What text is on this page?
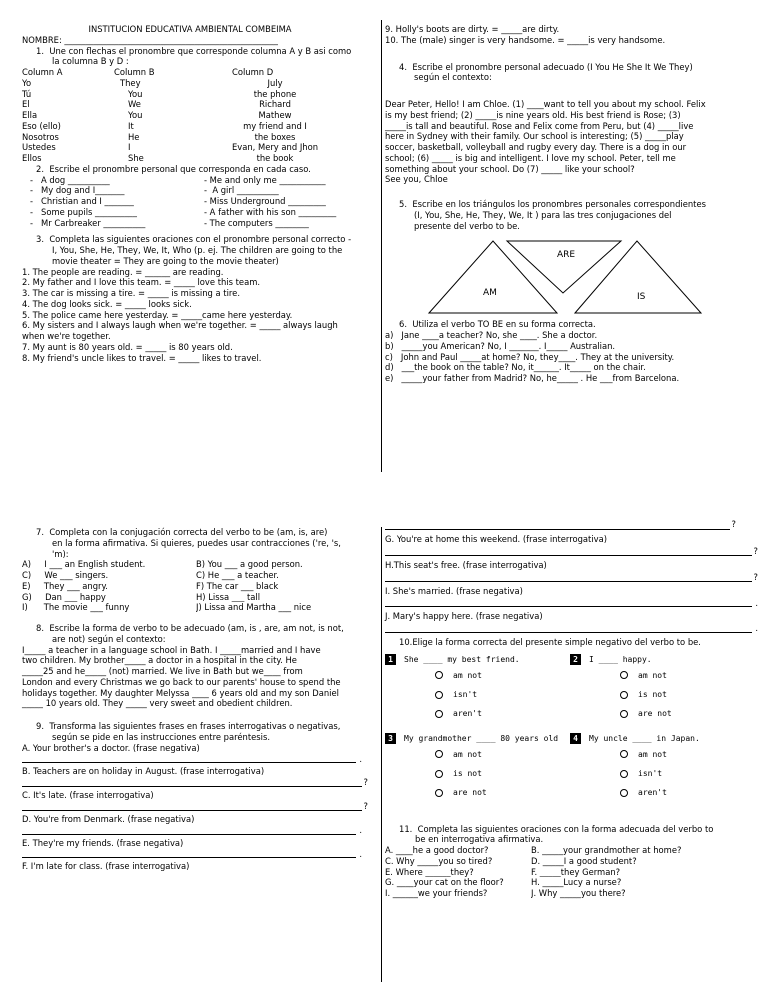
INSTITUCION EDUCATIVA AMBIENTAL COMBEIMA
NOMBRE: ___________________________________________________
1.  Une con flechas el pronombre que corresponde columna A y B asi como
la columna B y D :
Column A	Column B	Column D
Yo	They	July
Tú	You	the phone
El	We	Richard
Ella	You	Mathew
Eso (ello)	It	my friend and I
Nosotros	He	the boxes
Ustedes	I	Evan, Mery and Jhon
Ellos	She	the book
2.  Escribe el pronombre personal que corresponda en cada caso.
-   A dog __________	- Me and only me ___________
-   My dog and I_______	-  A girl __________
-   Christian and I _______	- Miss Underground _________
-   Some pupils __________	- A father with his son _________
-   Mr Carbreaker __________	- The computers ________
3.  Completa las siguientes oraciones con el pronombre personal correcto -
I, You, She, He, They, We, It, Who (p. ej. The children are going to the
movie theater = They are going to the movie theater)
1. The people are reading. = ______ are reading.
2. My father and I love this team. = _____ love this team.
3. The car is missing a tire. = _____ is missing a tire.
4. The dog looks sick. = _____ looks sick.
5. The police came here yesterday. = _____came here yesterday.
6. My sisters and I always laugh when we're together. = _____ always laugh
when we're together.
7. My aunt is 80 years old. = _____ is 80 years old.
8. My friend's uncle likes to travel. = _____ likes to travel.
9. Holly's boots are dirty. = _____are dirty.
10. The (male) singer is very handsome. = _____is very handsome.
4.  Escribe el pronombre personal adecuado (I You He She It We They)
según el contexto:
Dear Peter, Hello! I am Chloe. (1) ____want to tell you about my school. Felix
is my best friend; (2) _____is nine years old. His best friend is Rose; (3)
_____is tall and beautiful. Rose and Felix come from Peru, but (4) _____live
here in Sydney with their family. Our school is interesting; (5) _____play
soccer, basketball, volleyball and rugby every day. There is a dog in our
school; (6) _____ is big and intelligent. I love my school. Peter, tell me
something about your school. Do (7) _____ like your school?
See you, Chloe
5.  Escribe en los triángulos los pronombres personales correspondientes
(I, You, She, He, They, We, It ) para las tres conjugaciones del
presente del verbo to be.
AM
ARE
IS
6.  Utiliza el verbo TO BE en su forma correcta.
a)   Jane ____a teacher? No, she ____. She a doctor.
b)   _____you American? No, I _______. I_____ Australian.
c)   John and Paul _____at home? No, they____. They at the university.
d)   ___the book on the table? No, it______. It_____ on the chair.
e)   _____your father from Madrid? No, he_____ . He ___from Barcelona.
7.  Completa con la conjugación correcta del verbo to be (am, is, are)
en la forma afirmativa. Si quieres, puedes usar contracciones ('re, 's,
'm):
A)     I ___ an English student.	B) You ___ a good person.
C)     We ___ singers.	C) He ___ a teacher.
E)     They ___ angry.	F) The car ___ black
G)     Dan ___ happy	H) Lissa ___ tall
I)      The movie ___ funny	J) Lissa and Martha ___ nice
8.  Escribe la forma de verbo to be adecuado (am, is , are, am not, is not,
are not) según el contexto:
I_____ a teacher in a language school in Bath. I _____married and I have
two children. My brother_____ a doctor in a hospital in the city. He
_____25 and he_____ (not) married. We live in Bath but we____ from
London and every Christmas we go back to our parents' house to spend the
holidays together. My daughter Melyssa ____ 6 years old and my son Daniel
_____ 10 years old. They _____ very sweet and obedient children.
9.  Transforma las siguientes frases en frases interrogativas o negativas,
según se pide en las instrucciones entre paréntesis.
A. Your brother's a doctor. (frase negativa)
.
B. Teachers are on holiday in August. (frase interrogativa)
?
C. It's late. (frase interrogativa)
?
D. You're from Denmark. (frase negativa)
.
E. They're my friends. (frase negativa)
.
F. I'm late for class. (frase interrogativa)
?
G. You're at home this weekend. (frase interrogativa)
?
H.This seat's free. (frase interrogativa)
?
I. She's married. (frase negativa)
.
J. Mary's happy here. (frase negativa)
.
10.Elige la forma correcta del presente simple negativo del verbo to be.
1 She ____ my best friend.
am not
isn't
aren't
2 I ____ happy.
am not
is not
are not
3 My grandmother ____ 80 years old
am not
is not
are not
4 My uncle ____ in Japan.
am not
isn't
aren't
11.  Completa las siguientes oraciones con la forma adecuada del verbo to
be en interrogativa afirmativa.
A. ____he a good doctor?	B. _____your grandmother at home?
C. Why _____you so tired?	D. _____I a good student?
E. Where ______they?	F. _____they German?
G. ____your cat on the floor?	H. _____Lucy a nurse?
I. ______we your friends?	J. Why _____you there?
